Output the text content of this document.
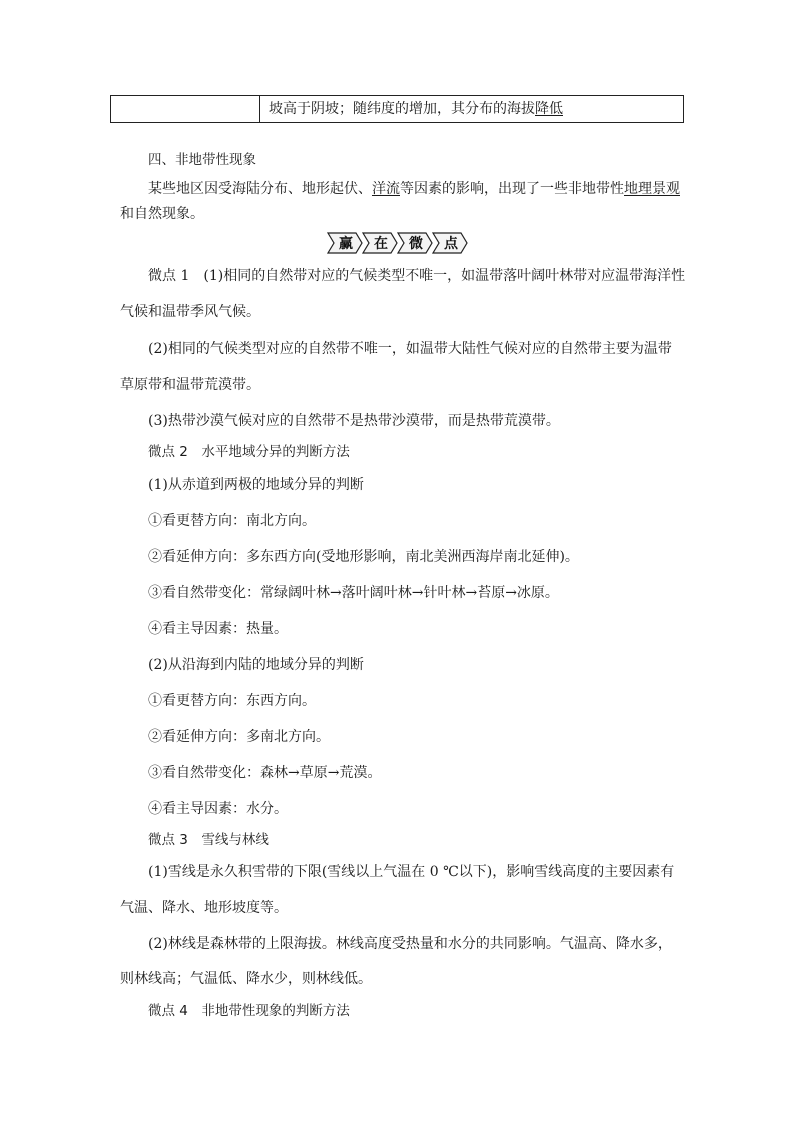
坡高于阴坡；随纬度的增加，其分布的海拔降低
四、非地带性现象
某些地区因受海陆分布、地形起伏、洋流等因素的影响，出现了一些非地带性地理景观
和自然现象。
赢 在 微 点
微点 1　(1)相同的自然带对应的气候类型不唯一，如温带落叶阔叶林带对应温带海洋性
气候和温带季风气候。
(2)相同的气候类型对应的自然带不唯一，如温带大陆性气候对应的自然带主要为温带
草原带和温带荒漠带。
(3)热带沙漠气候对应的自然带不是热带沙漠带，而是热带荒漠带。
微点 2　水平地域分异的判断方法
(1)从赤道到两极的地域分异的判断
①看更替方向：南北方向。
②看延伸方向：多东西方向(受地形影响，南北美洲西海岸南北延伸)。
③看自然带变化：常绿阔叶林→落叶阔叶林→针叶林→苔原→冰原。
④看主导因素：热量。
(2)从沿海到内陆的地域分异的判断
①看更替方向：东西方向。
②看延伸方向：多南北方向。
③看自然带变化：森林→草原→荒漠。
④看主导因素：水分。
微点 3　雪线与林线
(1)雪线是永久积雪带的下限(雪线以上气温在 0 ℃以下)，影响雪线高度的主要因素有
气温、降水、地形坡度等。
(2)林线是森林带的上限海拔。林线高度受热量和水分的共同影响。气温高、降水多，
则林线高；气温低、降水少，则林线低。
微点 4　非地带性现象的判断方法
